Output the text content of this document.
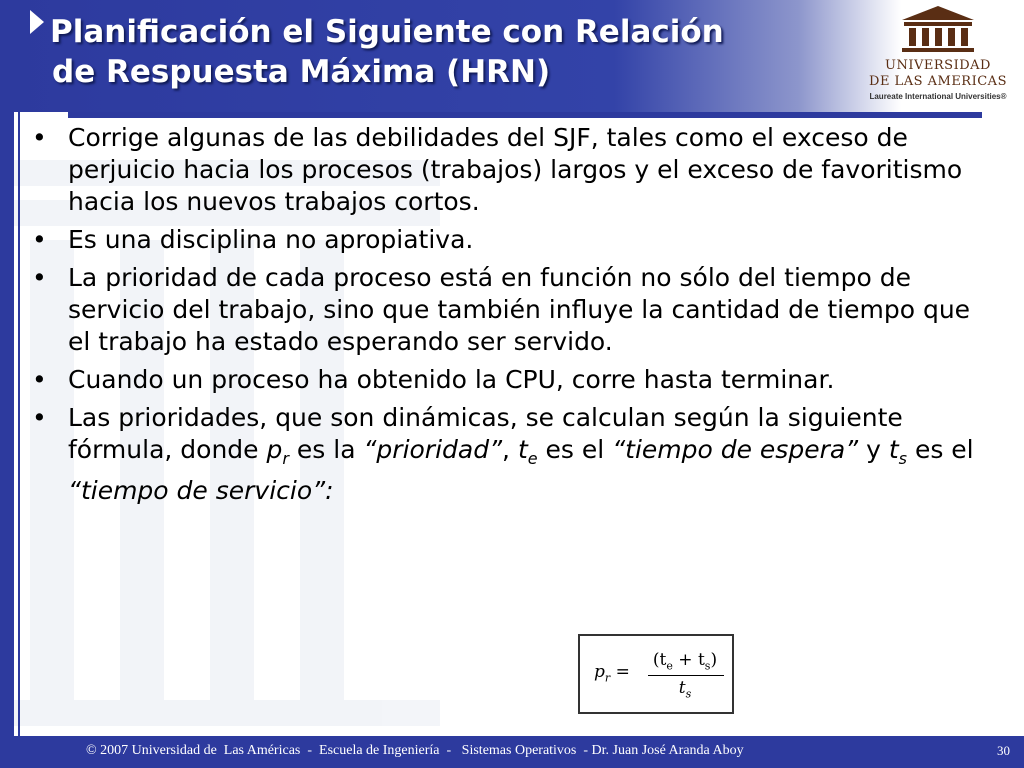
Planificación el Siguiente con Relación
de Respuesta Máxima (HRN)	UNIVERSIDAD
DE LAS AMERICAS
Laureate International Universities®
• Corrige algunas de las debilidades del SJF, tales como el exceso de perjuicio hacia los procesos (trabajos) largos y el exceso de favoritismo hacia los nuevos trabajos cortos.
• Es una disciplina no apropiativa.
• La prioridad de cada proceso está en función no sólo del tiempo de servicio del trabajo, sino que también influye la cantidad de tiempo que el trabajo ha estado esperando ser servido.
• Cuando un proceso ha obtenido la CPU, corre hasta terminar.
• Las prioridades, que son dinámicas, se calculan según la siguiente fórmula, donde $p_r$ es la “prioridad”, $t_e$ es el “tiempo de espera” y $t_s$ es el “tiempo de servicio”:
$p_r$ =
$(t_e + t_s)$
$t_s$
© 2007 Universidad de  Las Américas  -  Escuela de Ingeniería  -   Sistemas Operativos  - Dr. Juan José Aranda Aboy	30
